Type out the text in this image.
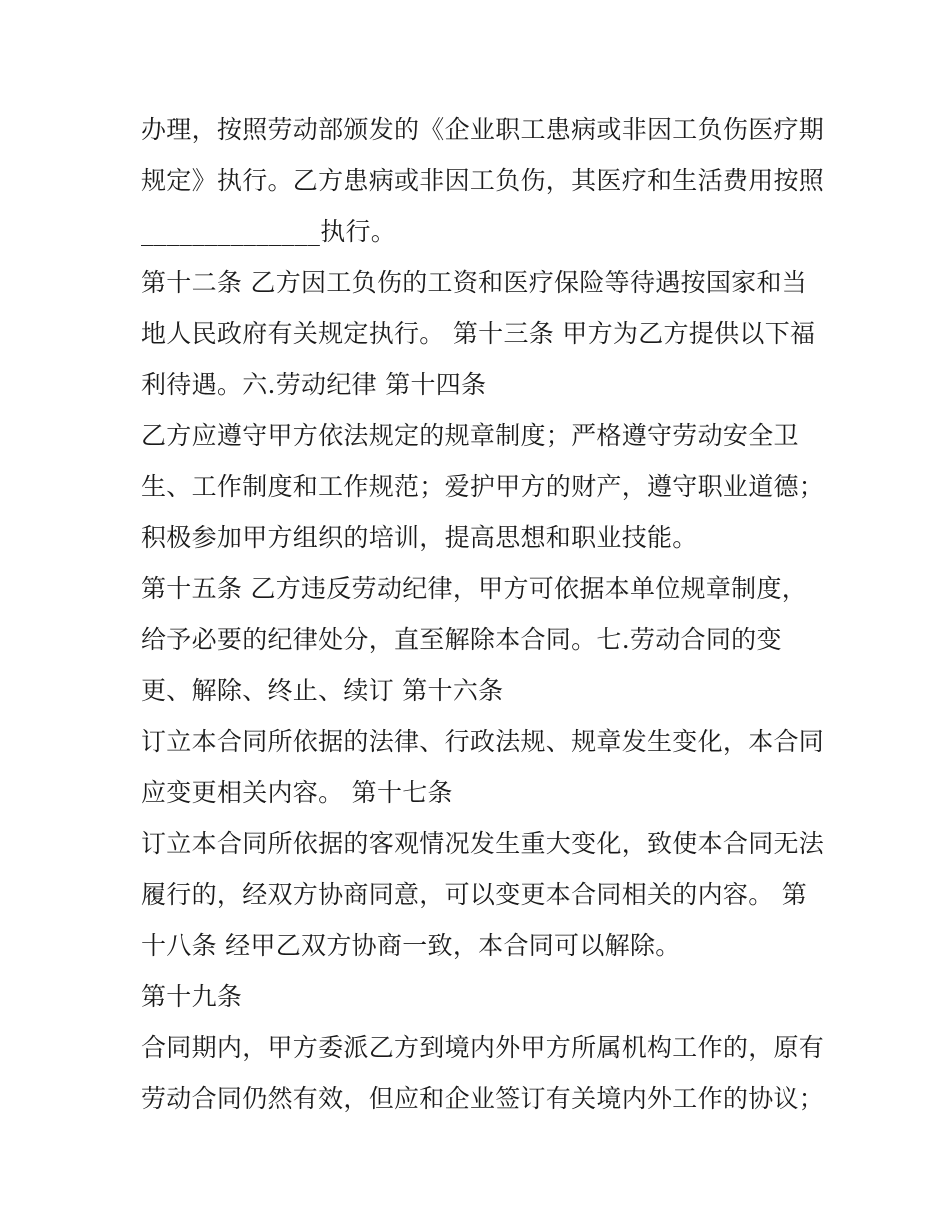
办理，按照劳动部颁发的《企业职工患病或非因工负伤医疗期
规定》执行。乙方患病或非因工负伤，其医疗和生活费用按照
______________执行。
第十二条 乙方因工负伤的工资和医疗保险等待遇按国家和当
地人民政府有关规定执行。 第十三条 甲方为乙方提供以下福
利待遇。六.劳动纪律 第十四条
乙方应遵守甲方依法规定的规章制度；严格遵守劳动安全卫
生、工作制度和工作规范；爱护甲方的财产，遵守职业道德；
积极参加甲方组织的培训，提高思想和职业技能。
第十五条 乙方违反劳动纪律，甲方可依据本单位规章制度，
给予必要的纪律处分，直至解除本合同。七.劳动合同的变
更、解除、终止、续订 第十六条
订立本合同所依据的法律、行政法规、规章发生变化，本合同
应变更相关内容。 第十七条
订立本合同所依据的客观情况发生重大变化，致使本合同无法
履行的，经双方协商同意，可以变更本合同相关的内容。 第
十八条 经甲乙双方协商一致，本合同可以解除。
第十九条
合同期内，甲方委派乙方到境内外甲方所属机构工作的，原有
劳动合同仍然有效，但应和企业签订有关境内外工作的协议；
